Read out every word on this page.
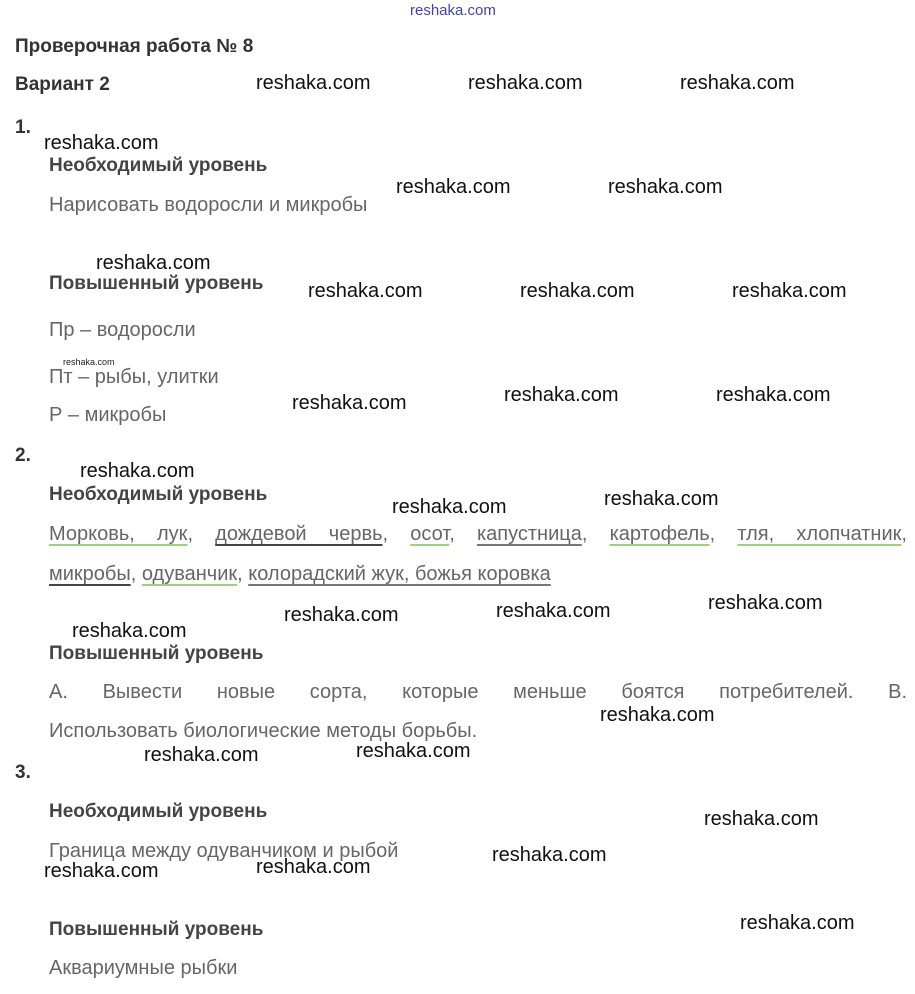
reshaka.com
Проверочная работа № 8
Вариант 2
1.
Необходимый уровень
Нарисовать водоросли и микробы
Повышенный уровень
Пр – водоросли
Пт – рыбы, улитки
Р – микробы
2.
Необходимый уровень
Морковь, лук, дождевой червь, осот, капустница, картофель, тля, хлопчатник,
микробы, одуванчик, колорадский жук, божья коровка
Повышенный уровень
А. Вывести новые сорта, которые меньше боятся потребителей. В.
Использовать биологические методы борьбы.
3.
Необходимый уровень
Граница между одуванчиком и рыбой
Повышенный уровень
Аквариумные рыбки
reshaka.com	reshaka.com	reshaka.com
reshaka.com
reshaka.com	reshaka.com
reshaka.com
reshaka.com	reshaka.com	reshaka.com
reshaka.com
reshaka.com	reshaka.com	reshaka.com
reshaka.com
reshaka.com	reshaka.com
reshaka.com	reshaka.com	reshaka.com
reshaka.com
reshaka.com
reshaka.com	reshaka.com
reshaka.com
reshaka.com
reshaka.com	reshaka.com
reshaka.com
